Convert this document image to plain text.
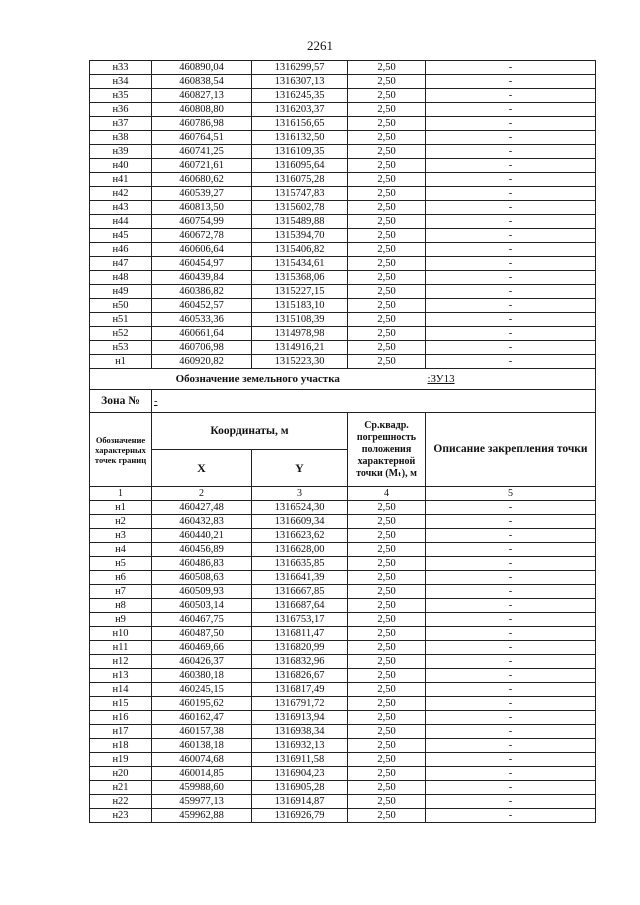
2261
н33	460890,04	1316299,57	2,50	-
н34	460838,54	1316307,13	2,50	-
н35	460827,13	1316245,35	2,50	-
н36	460808,80	1316203,37	2,50	-
н37	460786,98	1316156,65	2,50	-
н38	460764,51	1316132,50	2,50	-
н39	460741,25	1316109,35	2,50	-
н40	460721,61	1316095,64	2,50	-
н41	460680,62	1316075,28	2,50	-
н42	460539,27	1315747,83	2,50	-
н43	460813,50	1315602,78	2,50	-
н44	460754,99	1315489,88	2,50	-
н45	460672,78	1315394,70	2,50	-
н46	460606,64	1315406,82	2,50	-
н47	460454,97	1315434,61	2,50	-
н48	460439,84	1315368,06	2,50	-
н49	460386,82	1315227,15	2,50	-
н50	460452,57	1315183,10	2,50	-
н51	460533,36	1315108,39	2,50	-
н52	460661,64	1314978,98	2,50	-
н53	460706,98	1314916,21	2,50	-
н1	460920,82	1315223,30	2,50	-
Обозначение земельного участка				:ЗУ13
Зона №	-			
Обозначение характерных точек границ	Координаты, м		Ср.квадр. погрешность положения характерной точки (Mₜ), м	Описание закрепления точки
	X	Y		
1	2	3	4	5
н1	460427,48	1316524,30	2,50	-
н2	460432,83	1316609,34	2,50	-
н3	460440,21	1316623,62	2,50	-
н4	460456,89	1316628,00	2,50	-
н5	460486,83	1316635,85	2,50	-
н6	460508,63	1316641,39	2,50	-
н7	460509,93	1316667,85	2,50	-
н8	460503,14	1316687,64	2,50	-
н9	460467,75	1316753,17	2,50	-
н10	460487,50	1316811,47	2,50	-
н11	460469,66	1316820,99	2,50	-
н12	460426,37	1316832,96	2,50	-
н13	460380,18	1316826,67	2,50	-
н14	460245,15	1316817,49	2,50	-
н15	460195,62	1316791,72	2,50	-
н16	460162,47	1316913,94	2,50	-
н17	460157,38	1316938,34	2,50	-
н18	460138,18	1316932,13	2,50	-
н19	460074,68	1316911,58	2,50	-
н20	460014,85	1316904,23	2,50	-
н21	459988,60	1316905,28	2,50	-
н22	459977,13	1316914,87	2,50	-
н23	459962,88	1316926,79	2,50	-
